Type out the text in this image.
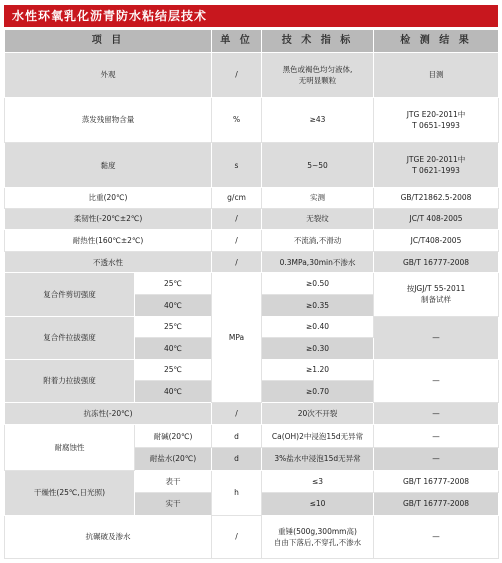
水性环氧乳化沥青防水粘结层技术
项 目		单 位	技 术 指 标	检 测 结 果
外观		/	黑色或褐色均匀液体,
无明显颗粒	目测
蒸发残留物含量		%	≥43	JTG E20-2011中
T 0651-1993
黏度		s	5~50	JTGE 20-2011中
T 0621-1993
比重(20℃)		g/cm	实测	GB/T21862.5-2008
柔韧性(-20℃±2℃)		/	无裂纹	JC/T 408-2005
耐热性(160℃±2℃)		/	不流淌,不滑动	JC/T408-2005
不透水性		/	0.3MPa,30min不渗水	GB/T 16777-2008
复合件剪切强度	25℃	MPa	≥0.50	按JGJ/T 55-2011
制备试样
	40℃		≥0.35	
复合件拉拔强度	25℃		≥0.40	—
	40℃		≥0.30	
附着力拉拔强度	25℃		≥1.20	—
	40℃		≥0.70	
抗冻性(-20℃)		/	20次不开裂	—
耐腐蚀性	耐碱(20℃)	d	Ca(OH)2中浸泡15d无异常	—
	耐盐水(20℃)	d	3%盐水中浸泡15d无异常	—
干燥性(25℃,日光照)	表干	h	≤3	GB/T 16777-2008
	实干		≤10	GB/T 16777-2008
抗碾破及渗水		/	重锤(500g,300mm高)
自由下落后,不穿孔,不渗水	—
